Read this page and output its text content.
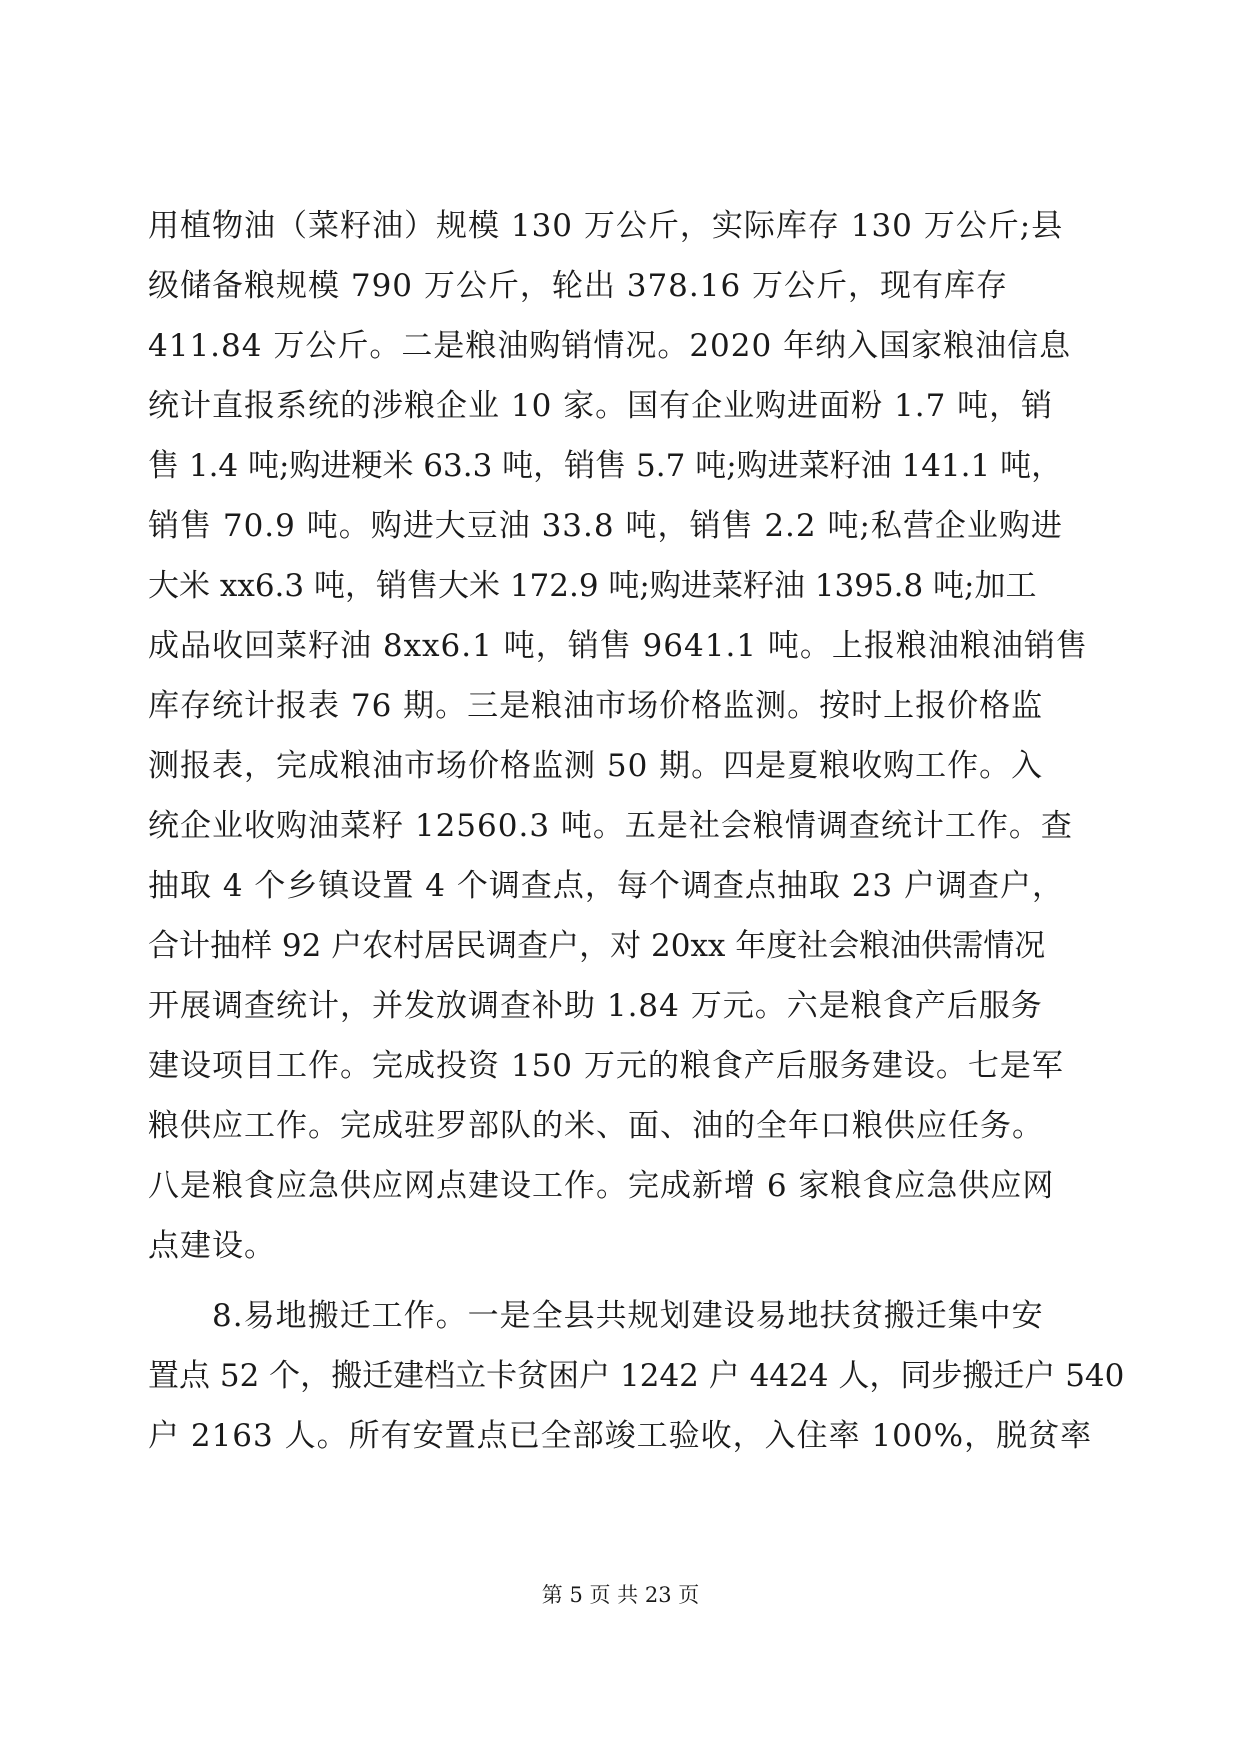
用植物油（菜籽油）规模 130 万公斤，实际库存 130 万公斤;县
级储备粮规模 790 万公斤，轮出 378.16 万公斤，现有库存
411.84 万公斤。二是粮油购销情况。2020 年纳入国家粮油信息
统计直报系统的涉粮企业 10 家。国有企业购进面粉 1.7 吨，销
售 1.4 吨;购进粳米 63.3 吨，销售 5.7 吨;购进菜籽油 141.1 吨，
销售 70.9 吨。购进大豆油 33.8 吨，销售 2.2 吨;私营企业购进
大米 xx6.3 吨，销售大米 172.9 吨;购进菜籽油 1395.8 吨;加工
成品收回菜籽油 8xx6.1 吨，销售 9641.1 吨。上报粮油粮油销售
库存统计报表 76 期。三是粮油市场价格监测。按时上报价格监
测报表，完成粮油市场价格监测 50 期。四是夏粮收购工作。入
统企业收购油菜籽 12560.3 吨。五是社会粮情调查统计工作。查
抽取 4 个乡镇设置 4 个调查点，每个调查点抽取 23 户调查户，
合计抽样 92 户农村居民调查户，对 20xx 年度社会粮油供需情况
开展调查统计，并发放调查补助 1.84 万元。六是粮食产后服务
建设项目工作。完成投资 150 万元的粮食产后服务建设。七是军
粮供应工作。完成驻罗部队的米、面、油的全年口粮供应任务。
八是粮食应急供应网点建设工作。完成新增 6 家粮食应急供应网
点建设。
8.易地搬迁工作。一是全县共规划建设易地扶贫搬迁集中安
置点 52 个，搬迁建档立卡贫困户 1242 户 4424 人，同步搬迁户 540
户 2163 人。所有安置点已全部竣工验收，入住率 100%，脱贫率
第 5 页 共 23 页
